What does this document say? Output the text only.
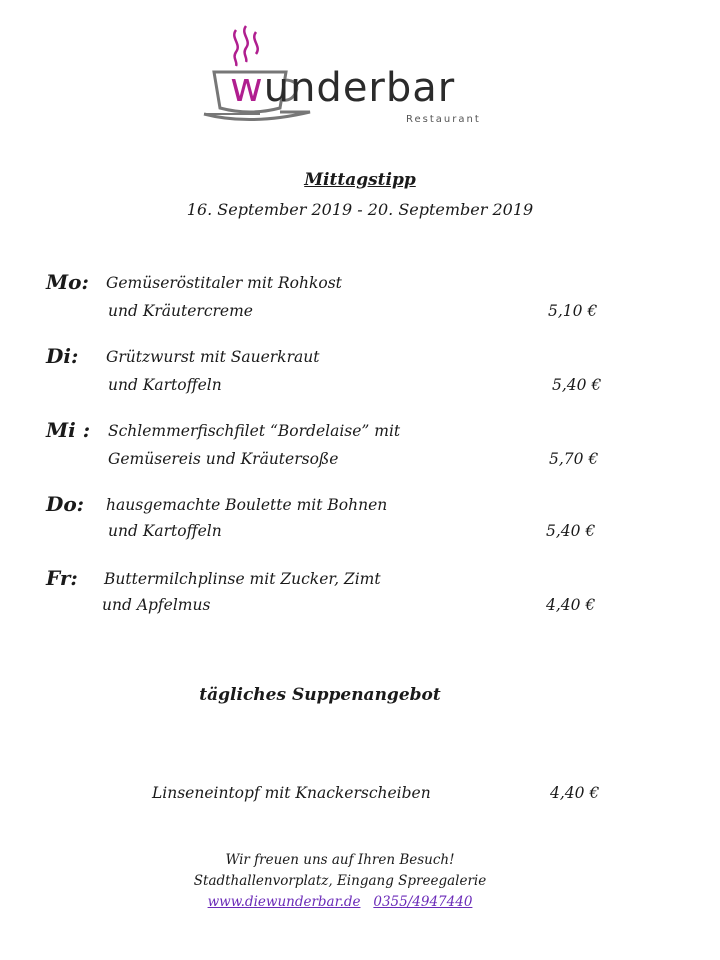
wunderbar
Restaurant
Mittagstipp
16. September 2019 - 20. September 2019
Mo: Gemüseröstitaler mit Rohkost
und Kräutercreme	5,10 €
Di: Grützwurst mit Sauerkraut
und Kartoffeln	5,40 €
Mi : Schlemmerfischfilet “Bordelaise” mit
Gemüsereis und Kräutersoße	5,70 €
Do: hausgemachte Boulette mit Bohnen
und Kartoffeln	5,40 €
Fr: Buttermilchplinse mit Zucker, Zimt
und Apfelmus	4,40 €
tägliches Suppenangebot
Linseneintopf mit Knackerscheiben	4,40 €
Wir freuen uns auf Ihren Besuch!
Stadthallenvorplatz, Eingang Spreegalerie
www.diewunderbar.de 0355/4947440
